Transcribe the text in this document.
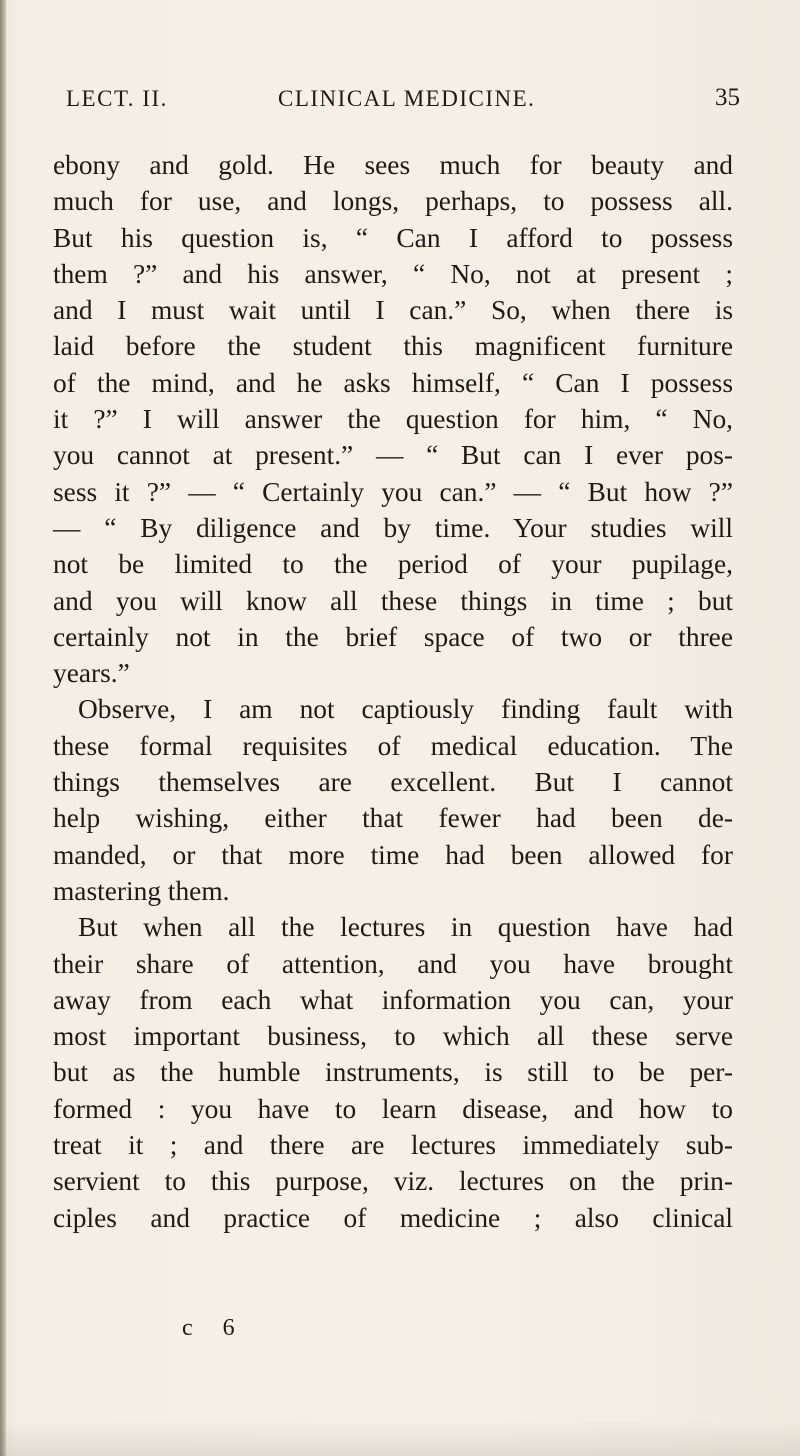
LECT. II.	CLINICAL MEDICINE.	35
ebony and gold. He sees much for beauty and
much for use, and longs, perhaps, to possess all.
But his question is, “ Can I afford to possess
them ?” and his answer, “ No, not at present ;
and I must wait until I can.” So, when there is
laid before the student this magnificent furniture
of the mind, and he asks himself, “ Can I possess
it ?” I will answer the question for him, “ No,
you cannot at present.” — “ But can I ever pos-
sess it ?” — “ Certainly you can.” — “ But how ?”
— “ By diligence and by time. Your studies will
not be limited to the period of your pupilage,
and you will know all these things in time ; but
certainly not in the brief space of two or three
years.”
Observe, I am not captiously finding fault with
these formal requisites of medical education. The
things themselves are excellent. But I cannot
help wishing, either that fewer had been de-
manded, or that more time had been allowed for
mastering them.
But when all the lectures in question have had
their share of attention, and you have brought
away from each what information you can, your
most important business, to which all these serve
but as the humble instruments, is still to be per-
formed : you have to learn disease, and how to
treat it ; and there are lectures immediately sub-
servient to this purpose, viz. lectures on the prin-
ciples and practice of medicine ; also clinical
c 6
